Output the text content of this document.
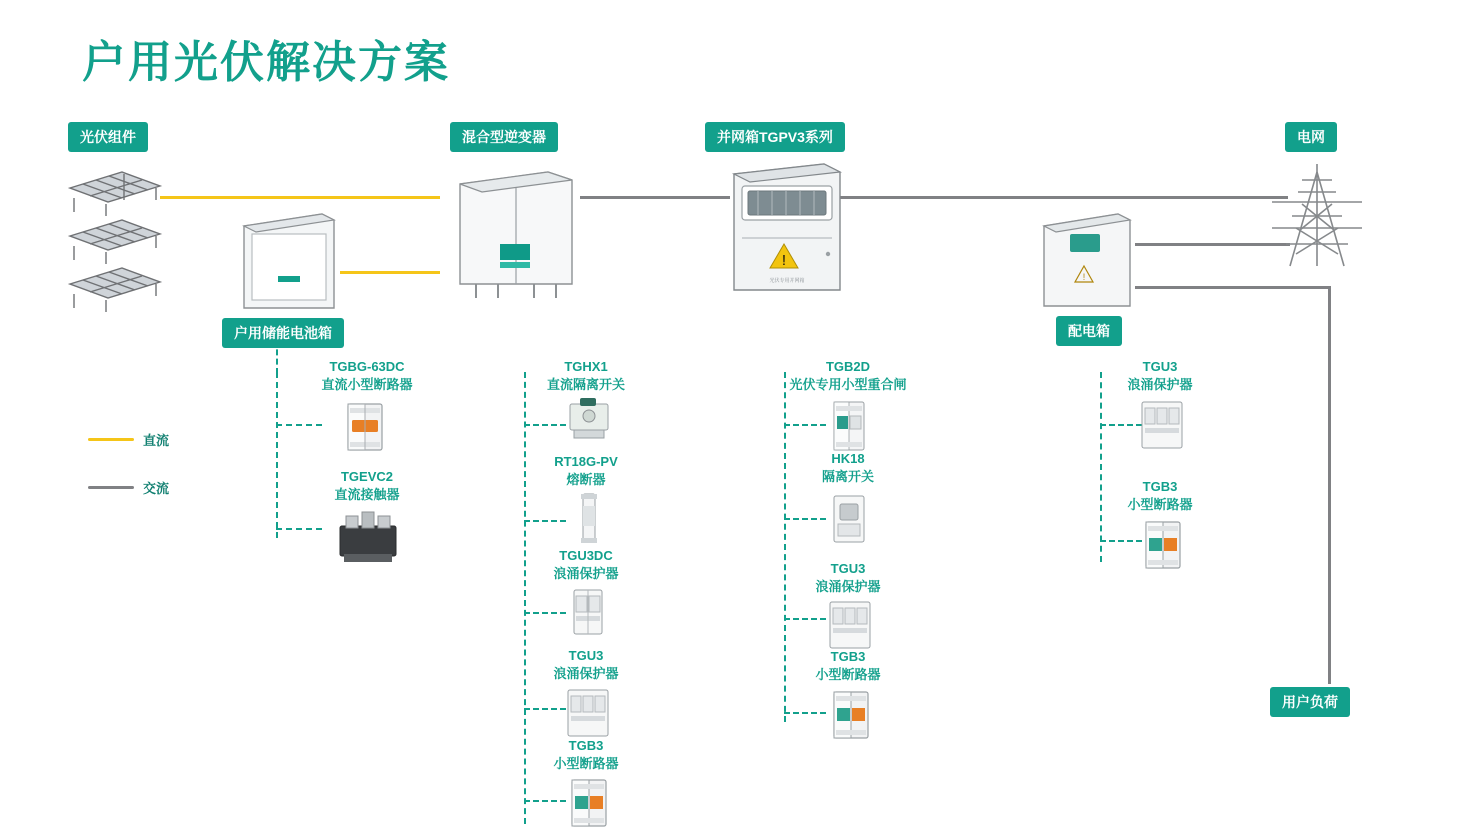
户用光伏解决方案
!
光伏专用并网箱	!
光伏组件	混合型逆变器	并网箱TGPV3系列	电网
户用储能电池箱	配电箱
用户负荷
直流
交流
TGBG-63DC
直流小型断路器
TGEVC2
直流接触器
TGHX1
直流隔离开关
RT18G-PV
熔断器
TGU3DC
浪涌保护器
TGU3
浪涌保护器
TGB3
小型断路器
TGB2D
光伏专用小型重合闸
HK18
隔离开关
TGU3
浪涌保护器
TGB3
小型断路器
TGU3
浪涌保护器
TGB3
小型断路器
